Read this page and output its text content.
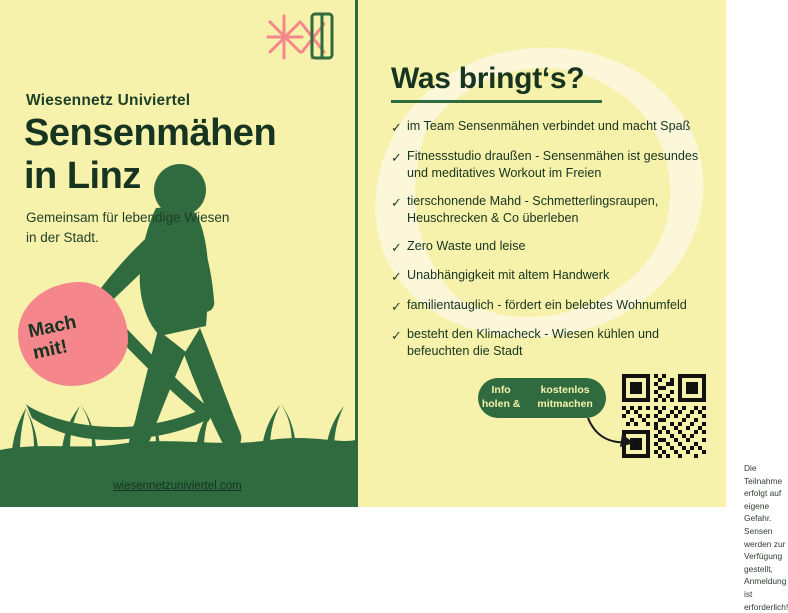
Wiesennetz Univiertel
Sensenmähen
in Linz
Gemeinsam für lebendige Wiesen
in der Stadt.
Mach
mit!
wiesennetzuniviertel.com
Was bringt‘s?
✓ im Team Sensenmähen verbindet und macht Spaß
✓ Fitnessstudio draußen - Sensenmähen ist gesundes und meditatives Workout im Freien
✓ tierschonende Mahd - Schmetterlingsraupen, Heuschrecken & Co überleben
✓ Zero Waste und leise
✓ Unabhängigkeit mit altem Handwerk
✓ familientauglich - fördert ein belebtes Wohnumfeld
✓ besteht den Klimacheck - Wiesen kühlen und befeuchten die Stadt
Die Teilnahme erfolgt auf eigene Gefahr.
Sensen werden zur Verfügung gestellt, Anmeldung ist erforderlich!
Info holen &

kostenlos mitmachen
